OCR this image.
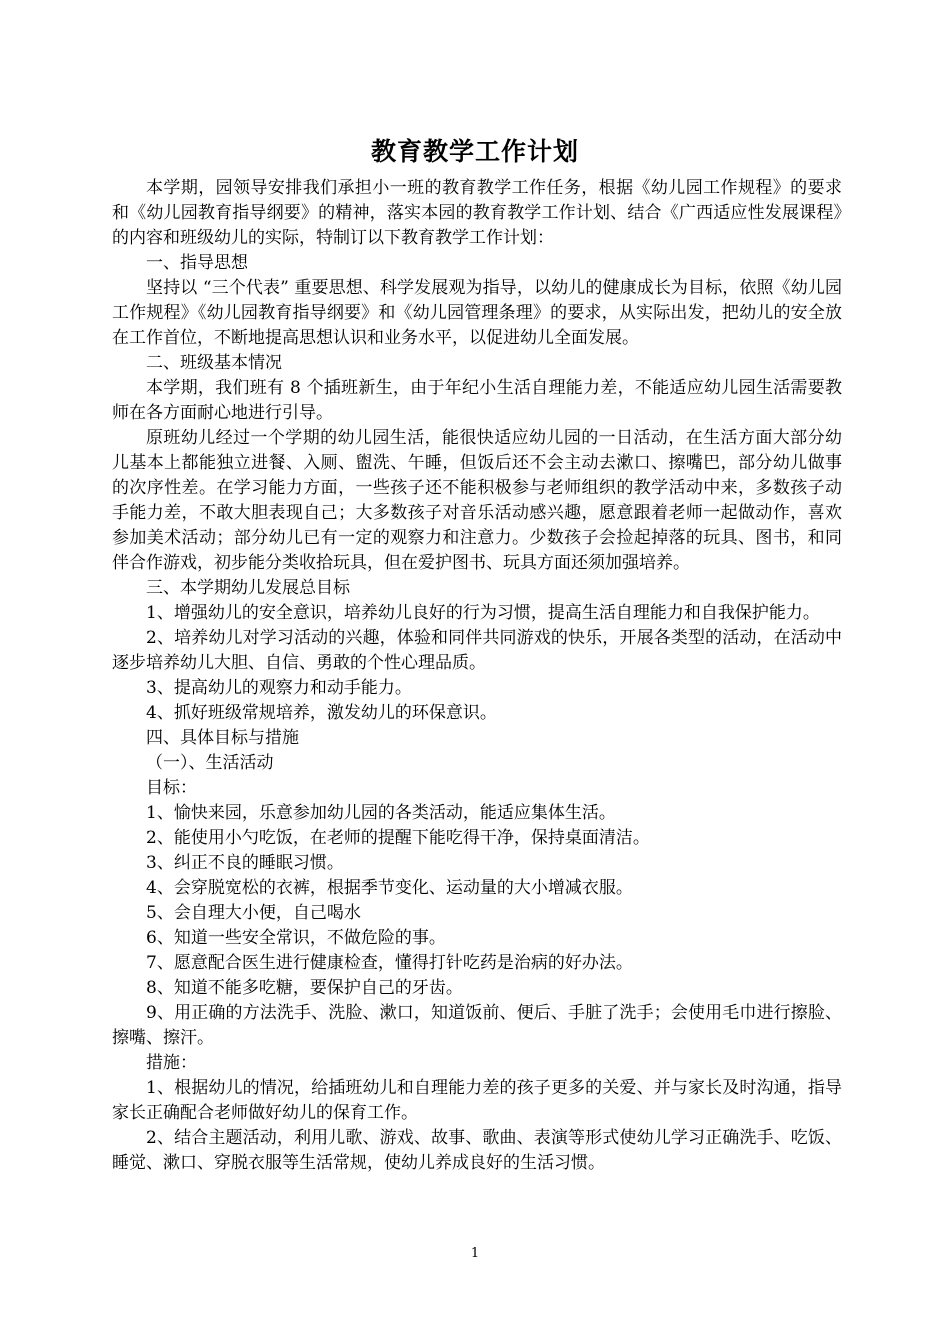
教育教学工作计划

本学期，园领导安排我们承担小一班的教育教学工作任务，根据《幼儿园工作规程》的要求和《幼儿园教育指导纲要》的精神，落实本园的教育教学工作计划、结合《广西适应性发展课程》的内容和班级幼儿的实际，特制订以下教育教学工作计划：

一、指导思想

坚持以 “三个代表” 重要思想、科学发展观为指导，以幼儿的健康成长为目标，依照《幼儿园工作规程》《幼儿园教育指导纲要》和《幼儿园管理条理》的要求，从实际出发，把幼儿的安全放在工作首位，不断地提高思想认识和业务水平，以促进幼儿全面发展。

二、班级基本情况

本学期，我们班有 8 个插班新生，由于年纪小生活自理能力差，不能适应幼儿园生活需要教师在各方面耐心地进行引导。

原班幼儿经过一个学期的幼儿园生活，能很快适应幼儿园的一日活动，在生活方面大部分幼儿基本上都能独立进餐、入厕、盥洗、午睡，但饭后还不会主动去漱口、擦嘴巴，部分幼儿做事的次序性差。在学习能力方面，一些孩子还不能积极参与老师组织的教学活动中来，多数孩子动手能力差，不敢大胆表现自己；大多数孩子对音乐活动感兴趣，愿意跟着老师一起做动作，喜欢参加美术活动；部分幼儿已有一定的观察力和注意力。少数孩子会捡起掉落的玩具、图书，和同伴合作游戏，初步能分类收拾玩具，但在爱护图书、玩具方面还须加强培养。

三、本学期幼儿发展总目标

1、增强幼儿的安全意识，培养幼儿良好的行为习惯，提高生活自理能力和自我保护能力。

2、培养幼儿对学习活动的兴趣，体验和同伴共同游戏的快乐，开展各类型的活动，在活动中逐步培养幼儿大胆、自信、勇敢的个性心理品质。

3、提高幼儿的观察力和动手能力。

4、抓好班级常规培养，激发幼儿的环保意识。

四、具体目标与措施

（一）、生活活动

目标：

1、愉快来园，乐意参加幼儿园的各类活动，能适应集体生活。

2、能使用小勺吃饭，在老师的提醒下能吃得干净，保持桌面清洁。

3、纠正不良的睡眠习惯。

4、会穿脱宽松的衣裤，根据季节变化、运动量的大小增减衣服。

5、会自理大小便，自己喝水

6、知道一些安全常识，不做危险的事。

7、愿意配合医生进行健康检查，懂得打针吃药是治病的好办法。

8、知道不能多吃糖，要保护自己的牙齿。

9、用正确的方法洗手、洗脸、漱口，知道饭前、便后、手脏了洗手；会使用毛巾进行擦脸、擦嘴、擦汗。

措施：

1、根据幼儿的情况，给插班幼儿和自理能力差的孩子更多的关爱、并与家长及时沟通，指导家长正确配合老师做好幼儿的保育工作。

2、结合主题活动，利用儿歌、游戏、故事、歌曲、表演等形式使幼儿学习正确洗手、吃饭、睡觉、漱口、穿脱衣服等生活常规，使幼儿养成良好的生活习惯。

1
